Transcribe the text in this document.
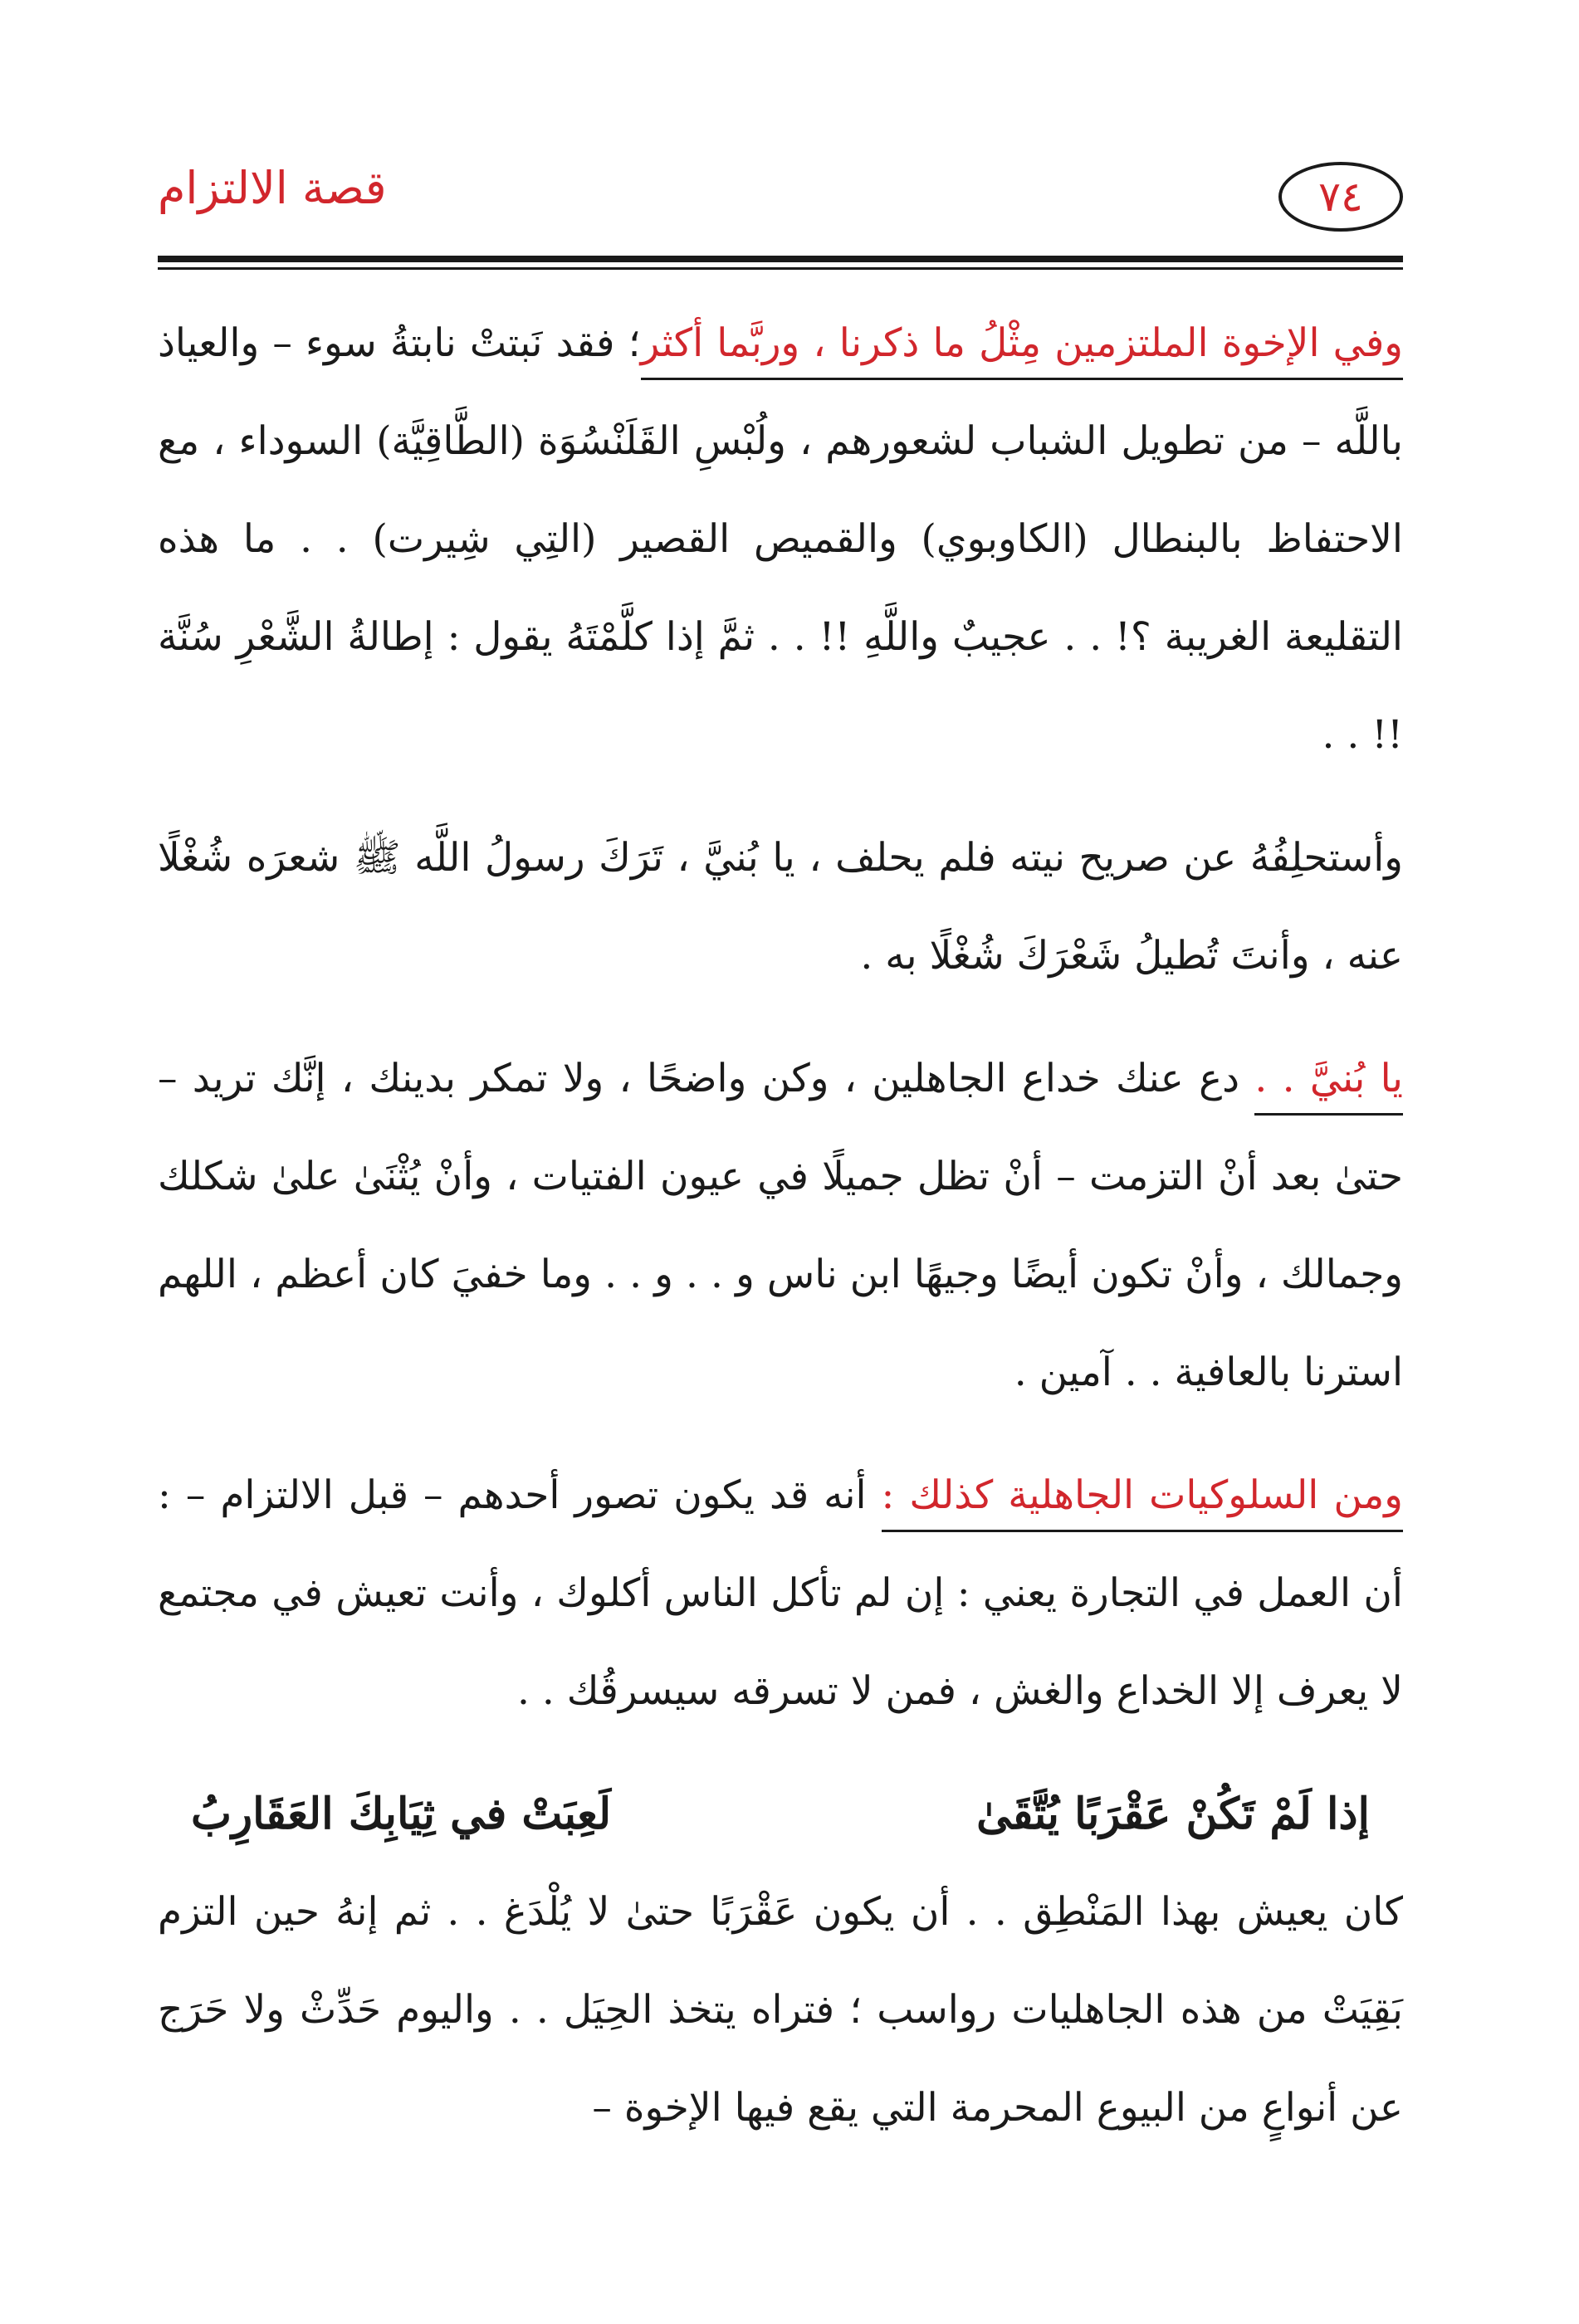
قصة الالتزام	٧٤

وفي الإخوة الملتزمين مِثْلُ ما ذكرنا ، وربَّما أكثر؛ فقد نَبتتْ نابتةُ سوء – والعياذ باللَّه – من تطويل الشباب لشعورهم ، ولُبْسِ القَلَنْسُوَة (الطَّاقِيَّة) السوداء ، مع الاحتفاظ بالبنطال (الكاوبوي) والقميص القصير (التِي شِيرت) . . ما هذه التقليعة الغريبة ؟! . . عجيبٌ واللَّهِ !! . . ثمَّ إذا كلَّمْتَهُ يقول : إطالةُ الشَّعْرِ سُنَّة !! . .

وأستحلِفُهُ عن صريح نيته فلم يحلف ، يا بُنيَّ ، تَرَكَ رسولُ اللَّه ﷺ شعرَه شُغْلًا عنه ، وأنتَ تُطيلُ شَعْرَكَ شُغْلًا به .

يا بُنيَّ . . دع عنك خداع الجاهلين ، وكن واضحًا ، ولا تمكر بدينك ، إنَّك تريد – حتىٰ بعد أنْ التزمت – أنْ تظل جميلًا في عيون الفتيات ، وأنْ يُثْنَىٰ علىٰ شكلك وجمالك ، وأنْ تكون أيضًا وجيهًا ابن ناس و . . و . . وما خفيَ كان أعظم ، اللهم استرنا بالعافية . . آمين .

ومن السلوكيات الجاهلية كذلك : أنه قد يكون تصور أحدهم – قبل الالتزام – : أن العمل في التجارة يعني : إن لم تأكل الناس أكلوك ، وأنت تعيش في مجتمع لا يعرف إلا الخداع والغش ، فمن لا تسرقه سيسرقُك . .

إذا لَمْ تَكُنْ عَقْرَبًا يُتَّقَىٰ
لَعِبَتْ في ثِيَابِكَ العَقَارِبُ

كان يعيش بهذا المَنْطِق . . أن يكون عَقْرَبًا حتىٰ لا يُلْدَغ . . ثم إنهُ حين التزم بَقِيَتْ من هذه الجاهليات رواسب ؛ فتراه يتخذ الحِيَل . . واليوم حَدِّثْ ولا حَرَج عن أنواعٍ من البيوع المحرمة التي يقع فيها الإخوة –
